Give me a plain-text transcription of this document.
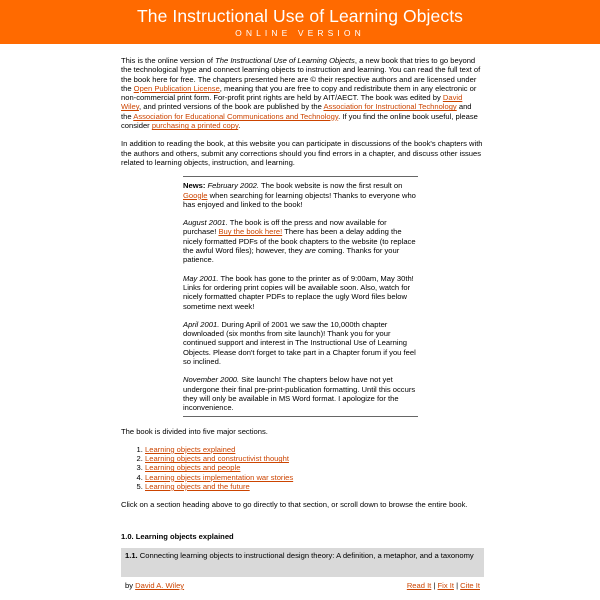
The Instructional Use of Learning Objects
ONLINE VERSION

This is the online version of The Instructional Use of Learning Objects, a new book that tries to go beyond the technological hype and connect learning objects to instruction and learning. You can read the full text of the book here for free. The chapters presented here are © their respective authors and are licensed under the Open Publication License, meaning that you are free to copy and redistribute them in any electronic or non-commercial print form. For-profit print rights are held by AIT/AECT. The book was edited by David Wiley, and printed versions of the book are published by the Association for Instructional Technology and the Association for Educational Communications and Technology. If you find the online book useful, please consider purchasing a printed copy.

In addition to reading the book, at this website you can participate in discussions of the book's chapters with the authors and others, submit any corrections should you find errors in a chapter, and discuss other issues related to learning objects, instruction, and learning.

News: February 2002. The book website is now the first result on Google when searching for learning objects! Thanks to everyone who has enjoyed and linked to the book!

August 2001. The book is off the press and now available for purchase! Buy the book here! There has been a delay adding the nicely formatted PDFs of the book chapters to the website (to replace the awful Word files); however, they are coming. Thanks for your patience.

May 2001. The book has gone to the printer as of 9:00am, May 30th! Links for ordering print copies will be available soon. Also, watch for nicely formatted chapter PDFs to replace the ugly Word files below sometime next week!

April 2001. During April of 2001 we saw the 10,000th chapter downloaded (six months from site launch)! Thank you for your continued support and interest in The Instructional Use of Learning Objects. Please don't forget to take part in a Chapter forum if you feel so inclined.

November 2000. Site launch! The chapters below have not yet undergone their final pre-print-publication formatting. Until this occurs they will only be available in MS Word format. I apologize for the inconvenience.

The book is divided into five major sections.

1. Learning objects explained
2. Learning objects and constructivist thought
3. Learning objects and people
4. Learning objects implementation war stories
5. Learning objects and the future

Click on a section heading above to go directly to that section, or scroll down to browse the entire book.

1.0. Learning objects explained
1.1. Connecting learning objects to instructional design theory: A definition, a metaphor, and a taxonomy
by David A. Wiley	Read It | Fix It | Cite It
